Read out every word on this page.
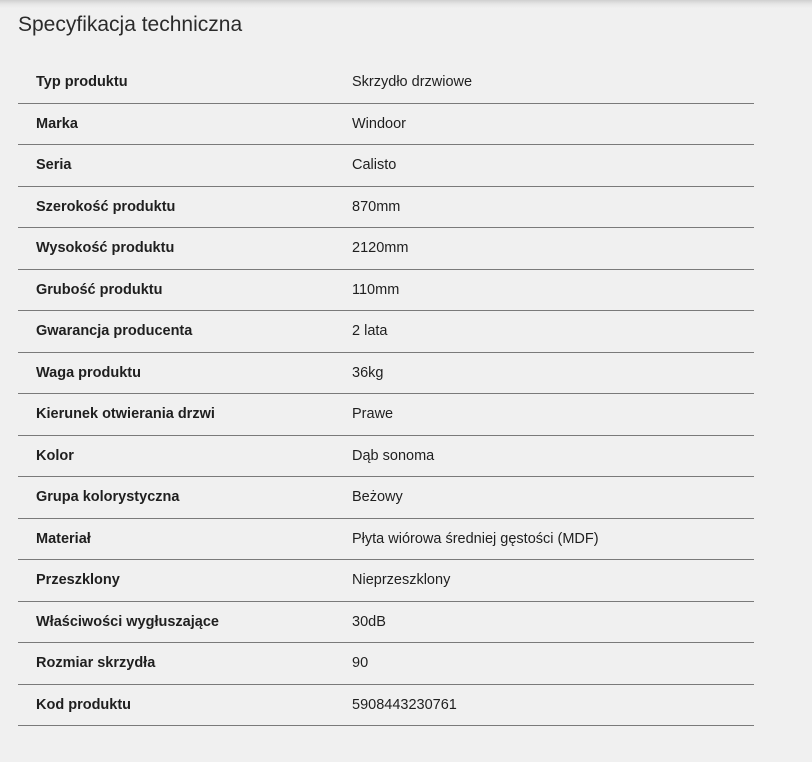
Specyfikacja techniczna
Typ produktu	Skrzydło drzwiowe
Marka	Windoor
Seria	Calisto
Szerokość produktu	870mm
Wysokość produktu	2120mm
Grubość produktu	110mm
Gwarancja producenta	2 lata
Waga produktu	36kg
Kierunek otwierania drzwi	Prawe
Kolor	Dąb sonoma
Grupa kolorystyczna	Beżowy
Materiał	Płyta wiórowa średniej gęstości (MDF)
Przeszklony	Nieprzeszklony
Właściwości wygłuszające	30dB
Rozmiar skrzydła	90
Kod produktu	5908443230761
